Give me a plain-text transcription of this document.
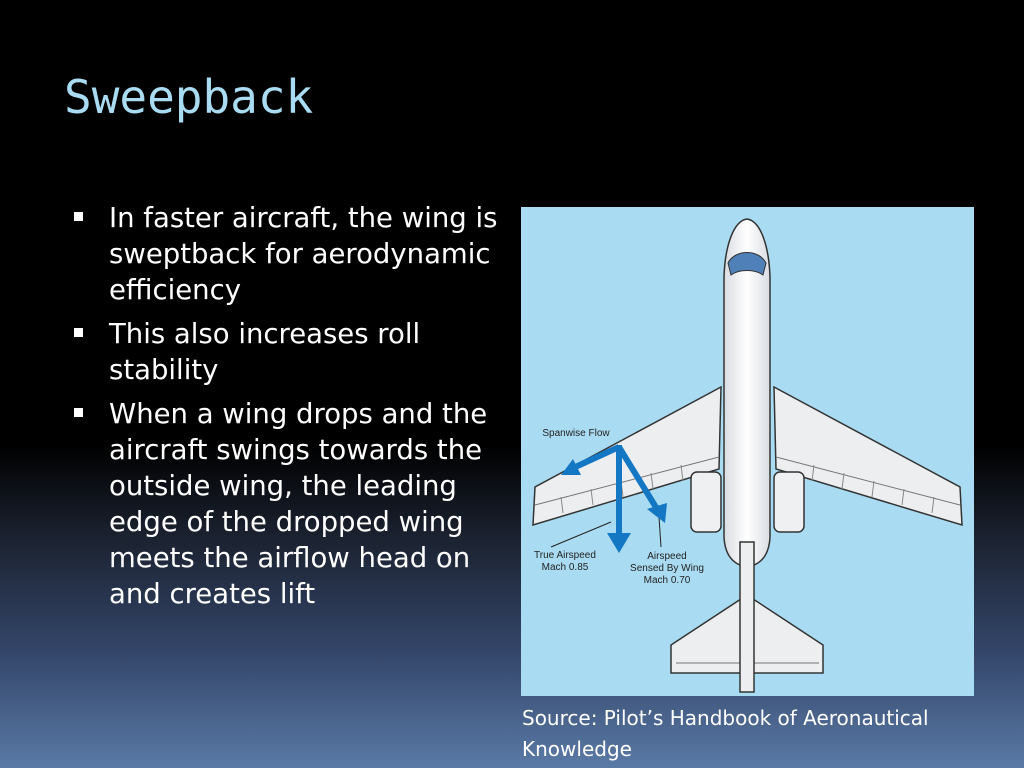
Sweepback
In faster aircraft, the wing is sweptback for aerodynamic efficiency
This also increases roll stability
When a wing drops and the aircraft swings towards the outside wing, the leading edge of the dropped wing meets the airflow head on and creates lift
Spanwise Flow
True Airspeed
Mach 0.85
Airspeed
Sensed By Wing
Mach 0.70
Source: Pilot’s Handbook of Aeronautical Knowledge
